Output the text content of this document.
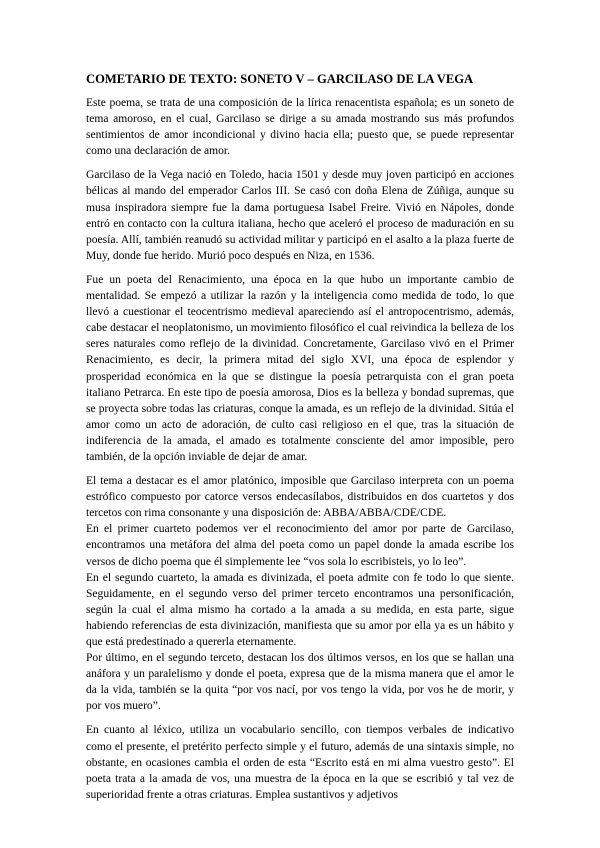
COMETARIO DE TEXTO: SONETO V – GARCILASO DE LA VEGA

Este poema, se trata de una composición de la lírica renacentista española; es un soneto de tema amoroso, en el cual, Garcilaso se dirige a su amada mostrando sus más profundos sentimientos de amor incondicional y divino hacia ella; puesto que, se puede representar como una declaración de amor.

Garcilaso de la Vega nació en Toledo, hacia 1501 y desde muy joven participó en acciones bélicas al mando del emperador Carlos III. Se casó con doña Elena de Zúñiga, aunque su musa inspiradora siempre fue la dama portuguesa Isabel Freire. Vivió en Nápoles, donde entró en contacto con la cultura italiana, hecho que aceleró el proceso de maduración en su poesía. Allí, también reanudó su actividad militar y participó en el asalto a la plaza fuerte de Muy, donde fue herido. Murió poco después en Niza, en 1536.

Fue un poeta del Renacimiento, una época en la que hubo un importante cambio de mentalidad. Se empezó a utilizar la razón y la inteligencia como medida de todo, lo que llevó a cuestionar el teocentrismo medieval apareciendo así el antropocentrismo, además, cabe destacar el neoplatonismo, un movimiento filosófico el cual reivindica la belleza de los seres naturales como reflejo de la divinidad. Concretamente, Garcilaso vivó en el Primer Renacimiento, es decir, la primera mitad del siglo XVI, una época de esplendor y prosperidad económica en la que se distingue la poesía petrarquista con el gran poeta italiano Petrarca. En este tipo de poesía amorosa, Dios es la belleza y bondad supremas, que se proyecta sobre todas las criaturas, conque la amada, es un reflejo de la divinidad. Sitúa el amor como un acto de adoración, de culto casi religioso en el que, tras la situación de indiferencia de la amada, el amado es totalmente consciente del amor imposible, pero también, de la opción inviable de dejar de amar.

El tema a destacar es el amor platónico, imposible que Garcilaso interpreta con un poema estrófico compuesto por catorce versos endecasílabos, distribuidos en dos cuartetos y dos tercetos con rima consonante y una disposición de: ABBA/ABBA/CDE/CDE.

En el primer cuarteto podemos ver el reconocimiento del amor por parte de Garcilaso, encontramos una metáfora del alma del poeta como un papel donde la amada escribe los versos de dicho poema que él simplemente lee “vos sola lo escribisteis, yo lo leo”.

En el segundo cuarteto, la amada es divinizada, el poeta admite con fe todo lo que siente. Seguidamente, en el segundo verso del primer terceto encontramos una personificación, según la cual el alma mismo ha cortado a la amada a su medida, en esta parte, sigue habiendo referencias de esta divinización, manifiesta que su amor por ella ya es un hábito y que está predestinado a quererla eternamente.

Por último, en el segundo terceto, destacan los dos últimos versos, en los que se hallan una anáfora y un paralelismo y donde el poeta, expresa que de la misma manera que el amor le da la vida, también se la quita “por vos nací, por vos tengo la vida, por vos he de morir, y por vos muero”.

En cuanto al léxico, utiliza un vocabulario sencillo, con tiempos verbales de indicativo como el presente, el pretérito perfecto simple y el futuro, además de una sintaxis simple, no obstante, en ocasiones cambia el orden de esta “Escrito está en mi alma vuestro gesto”. El poeta trata a la amada de vos, una muestra de la época en la que se escribió y tal vez de superioridad frente a otras criaturas. Emplea sustantivos y adjetivos
